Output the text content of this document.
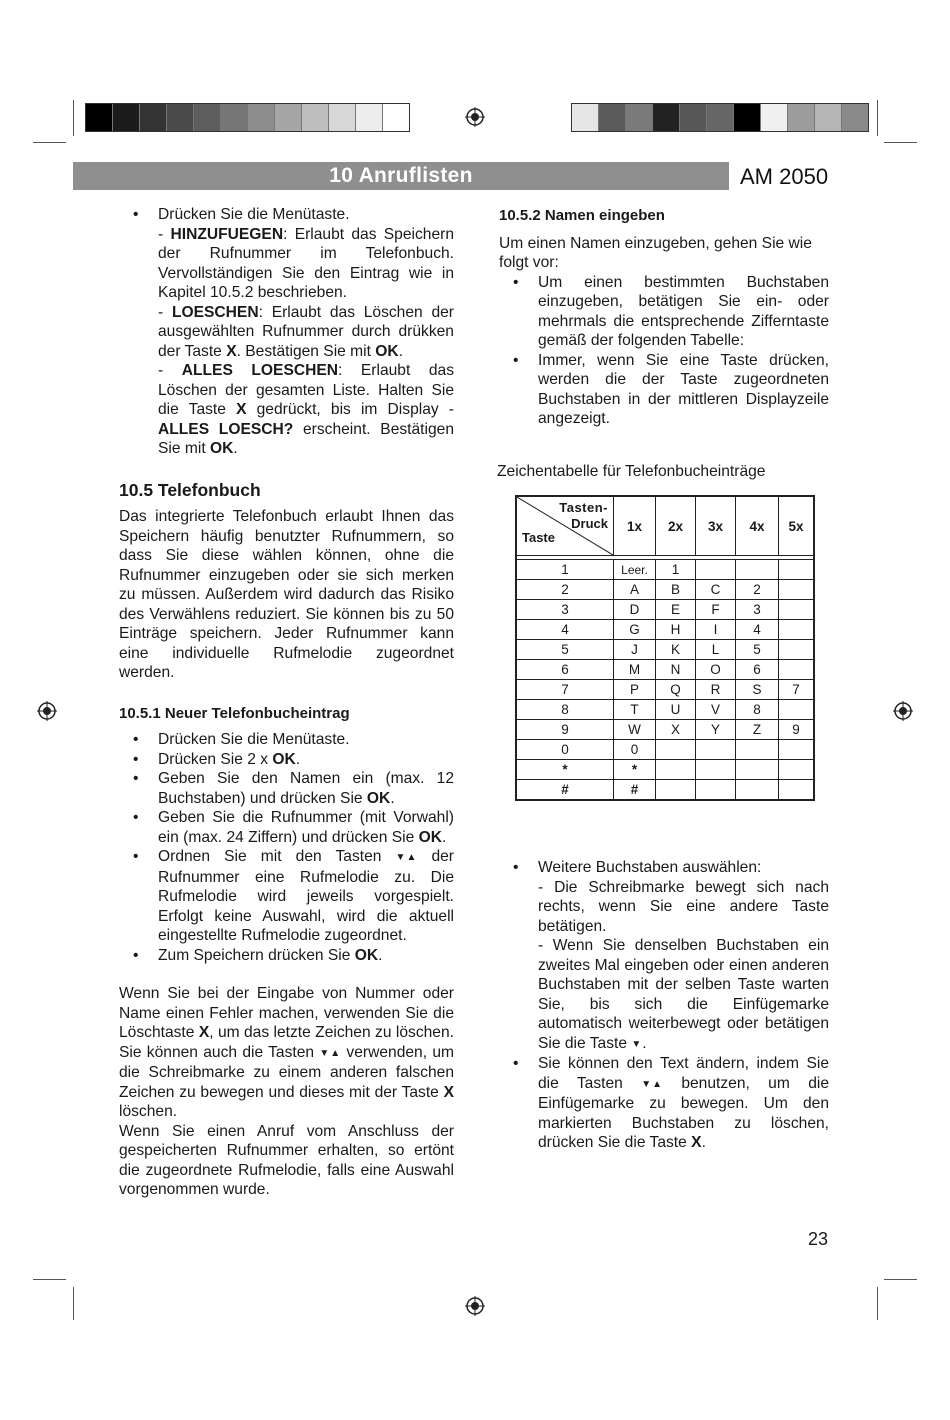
10 Anruflisten	AM 2050
• Drücken Sie die Menütaste.

- HINZUFUEGEN: Erlaubt das Speichern der Rufnummer im Telefonbuch. Vervollständigen Sie den Eintrag wie in Kapitel 10.5.2 beschrieben.

- LOESCHEN: Erlaubt das Löschen der ausgewählten Rufnummer durch drükken der Taste X. Bestätigen Sie mit OK.

- ALLES LOESCHEN: Erlaubt das Löschen der gesamten Liste. Halten Sie die Taste X gedrückt, bis im Display - ALLES LOESCH? erscheint. Bestätigen Sie mit OK.

10.5 Telefonbuch

Das integrierte Telefonbuch erlaubt Ihnen das Speichern häufig benutzter Rufnummern, so dass Sie diese wählen können, ohne die Rufnummer einzugeben oder sie sich merken zu müssen. Außerdem wird dadurch das Risiko des Verwählens reduziert. Sie können bis zu 50 Einträge speichern. Jeder Rufnummer kann eine individuelle Rufmelodie zugeordnet werden.

10.5.1 Neuer Telefonbucheintrag
• Drücken Sie die Menütaste.
• Drücken Sie 2 x OK.
• Geben Sie den Namen ein (max. 12 Buchstaben) und drücken Sie OK.
• Geben Sie die Rufnummer (mit Vorwahl) ein (max. 24 Ziffern) und drücken Sie OK.
• Ordnen Sie mit den Tasten ▼▲ der Rufnummer eine Rufmelodie zu. Die Rufmelodie wird jeweils vorgespielt. Erfolgt keine Auswahl, wird die aktuell eingestellte Rufmelodie zugeordnet.
• Zum Speichern drücken Sie OK.

Wenn Sie bei der Eingabe von Nummer oder Name einen Fehler machen, verwenden Sie die Löschtaste X, um das letzte Zeichen zu löschen. Sie können auch die Tasten ▼▲ verwenden, um die Schreibmarke zu einem anderen falschen Zeichen zu bewegen und dieses mit der Taste X löschen.

Wenn Sie einen Anruf vom Anschluss der gespeicherten Rufnummer erhalten, so ertönt die zugeordnete Rufmelodie, falls eine Auswahl vorgenommen wurde.

10.5.2 Namen eingeben

Um einen Namen einzugeben, gehen Sie wie folgt vor:

• Um einen bestimmten Buchstaben einzugeben, betätigen Sie ein- oder mehrmals die entsprechende Zifferntaste gemäß der folgenden Tabelle:
• Immer, wenn Sie eine Taste drücken, werden die der Taste zugeordneten Buchstaben in der mittleren Displayzeile angezeigt.
Zeichentabelle für Telefonbucheinträge
Tasten-
Druck
Taste	1x	2x	3x	4x	5x

1	Leer.	1			
2	A	B	C	2	
3	D	E	F	3	
4	G	H	I	4	
5	J	K	L	5	
6	M	N	O	6	
7	P	Q	R	S	7
8	T	U	V	8	
9	W	X	Y	Z	9
0	0				
*	*				
#	#				
• Weitere Buchstaben auswählen:

- Die Schreibmarke bewegt sich nach rechts, wenn Sie eine andere Taste betätigen.

- Wenn Sie denselben Buchstaben ein zweites Mal eingeben oder einen anderen Buchstaben mit der selben Taste warten Sie, bis sich die Einfügemarke automatisch weiterbewegt oder betätigen Sie die Taste ▼.

• Sie können den Text ändern, indem Sie die Tasten ▼▲ benutzen, um die Einfügemarke zu bewegen. Um den markierten Buchstaben zu löschen, drücken Sie die Taste X.
23
